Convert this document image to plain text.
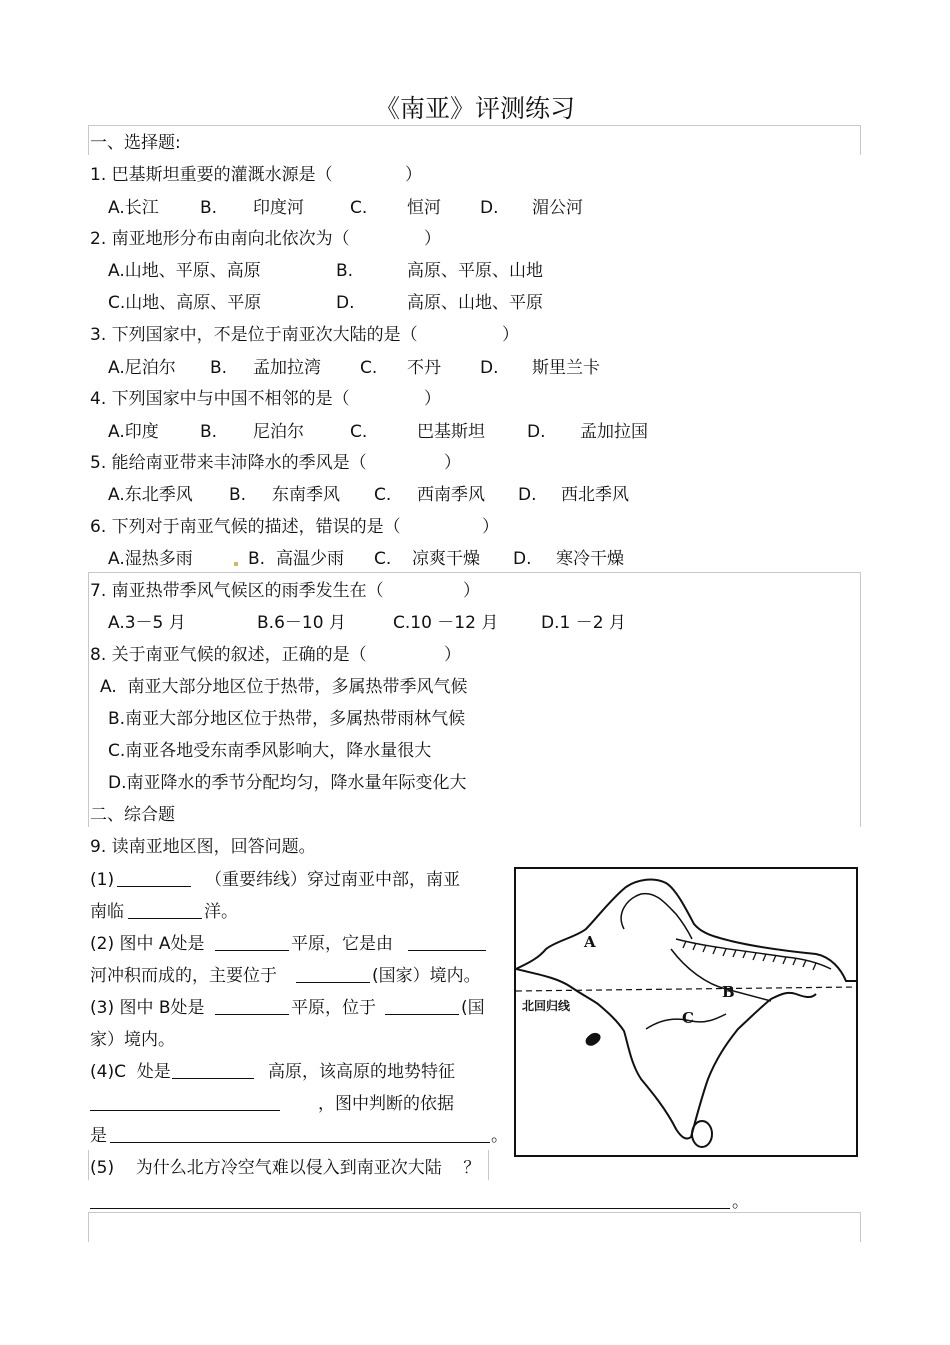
《南亚》评测练习
一、选择题:
1. 巴基斯坦重要的灌溉水源是（	）
A.长江 B. 印度河	C. 恒河 D. 湄公河
2. 南亚地形分布由南向北依次为（	）
A.山地、平原、高原	B.	高原、平原、山地
C.山地、高原、平原	D.	高原、山地、平原
3. 下列国家中，不是位于南亚次大陆的是（	）
A.尼泊尔 B. 孟加拉湾 C. 不丹 D. 斯里兰卡
4. 下列国家中与中国不相邻的是（	）
A.印度 B. 尼泊尔	C.	巴基斯坦 D. 孟加拉国
5. 能给南亚带来丰沛降水的季风是（	）
A.东北季风 B. 东南季风 C. 西南季风 D. 西北季风
6. 下列对于南亚气候的描述，错误的是（	）
A.湿热多雨	B. 高温少雨 C. 凉爽干燥 D. 寒冷干燥
7. 南亚热带季风气候区的雨季发生在（	）
A.3－5 月	B.6－10 月	C.10 －12 月	D.1 －2 月
8. 关于南亚气候的叙述，正确的是（	）
A.  南亚大部分地区位于热带，多属热带季风气候
B.南亚大部分地区位于热带，多属热带雨林气候
C.南亚各地受东南季风影响大，降水量很大
D.南亚降水的季节分配均匀，降水量年际变化大
二、综合题
9. 读南亚地区图，回答问题。
(1)	（重要纬线）穿过南亚中部，南亚
南临	洋。
(2) 图中 A处是	平原，它是由
河冲积而成的，主要位于	(国家）境内。
(3) 图中 B处是	平原，位于	(国
家）境内。
(4)C  处是	高原，该高原的地势特征
，图中判断的依据
是	。
(5)    为什么北方冷空气难以侵入到南亚次大陆    ？
。
A
B
C
北回归线
